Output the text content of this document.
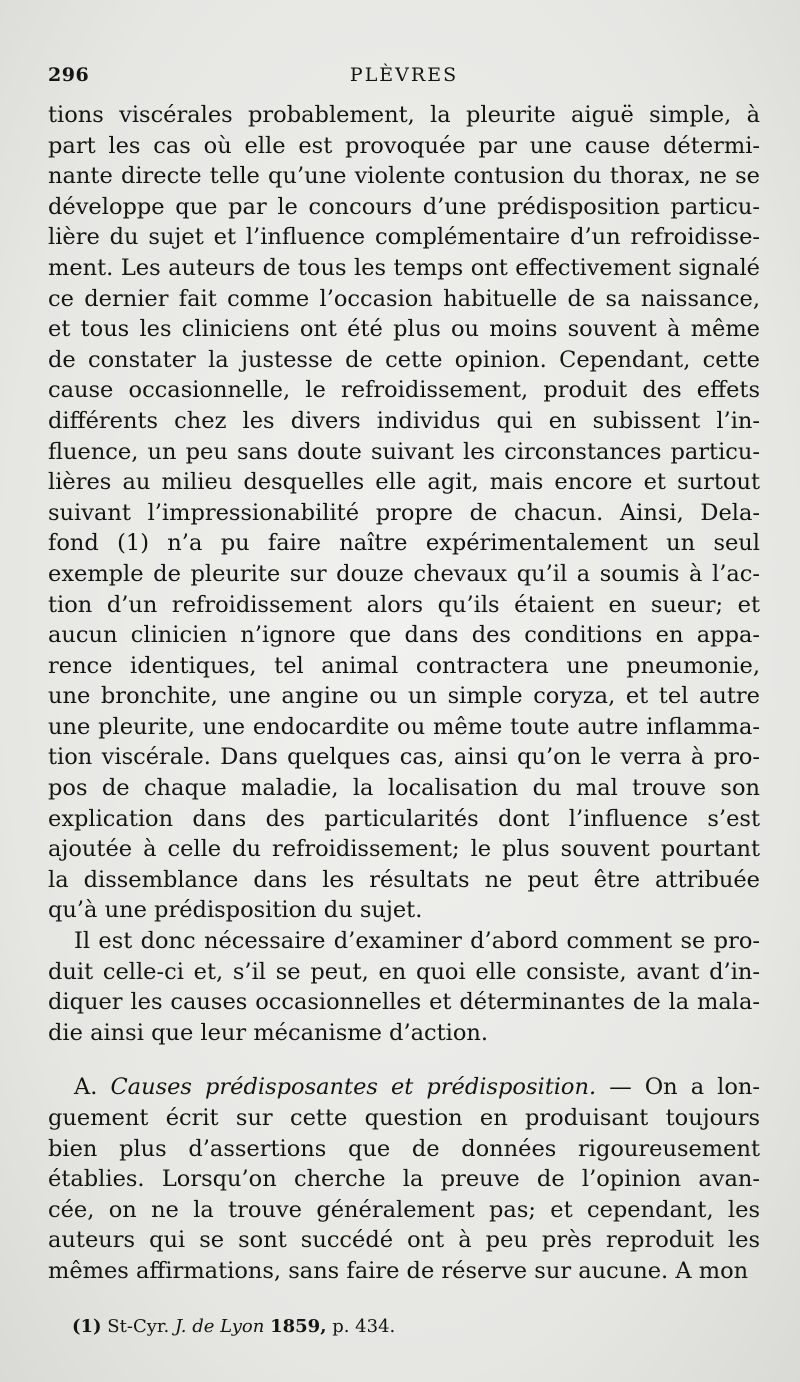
296	PLÈVRES
tions viscérales probablement, la pleurite aiguë simple, à
part les cas où elle est provoquée par une cause détermi-
nante directe telle qu’une violente contusion du thorax, ne se
développe que par le concours d’une prédisposition particu-
lière du sujet et l’influence complémentaire d’un refroidisse-
ment. Les auteurs de tous les temps ont effectivement signalé
ce dernier fait comme l’occasion habituelle de sa naissance,
et tous les cliniciens ont été plus ou moins souvent à même
de constater la justesse de cette opinion. Cependant, cette
cause occasionnelle, le refroidissement, produit des effets
différents chez les divers individus qui en subissent l’in-
fluence, un peu sans doute suivant les circonstances particu-
lières au milieu desquelles elle agit, mais encore et surtout
suivant l’impressionabilité propre de chacun. Ainsi, Dela-
fond (1) n’a pu faire naître expérimentalement un seul
exemple de pleurite sur douze chevaux qu’il a soumis à l’ac-
tion d’un refroidissement alors qu’ils étaient en sueur; et
aucun clinicien n’ignore que dans des conditions en appa-
rence identiques, tel animal contractera une pneumonie,
une bronchite, une angine ou un simple coryza, et tel autre
une pleurite, une endocardite ou même toute autre inflamma-
tion viscérale. Dans quelques cas, ainsi qu’on le verra à pro-
pos de chaque maladie, la localisation du mal trouve son
explication dans des particularités dont l’influence s’est
ajoutée à celle du refroidissement; le plus souvent pourtant
la dissemblance dans les résultats ne peut être attribuée
qu’à une prédisposition du sujet.
Il est donc nécessaire d’examiner d’abord comment se pro-
duit celle-ci et, s’il se peut, en quoi elle consiste, avant d’in-
diquer les causes occasionnelles et déterminantes de la mala-
die ainsi que leur mécanisme d’action.
A. Causes prédisposantes et prédisposition. — On a lon-
guement écrit sur cette question en produisant toujours
bien plus d’assertions que de données rigoureusement
établies. Lorsqu’on cherche la preuve de l’opinion avan-
cée, on ne la trouve généralement pas; et cependant, les
auteurs qui se sont succédé ont à peu près reproduit les
mêmes affirmations, sans faire de réserve sur aucune. A mon
(1) St-Cyr. J. de Lyon 1859, p. 434.
